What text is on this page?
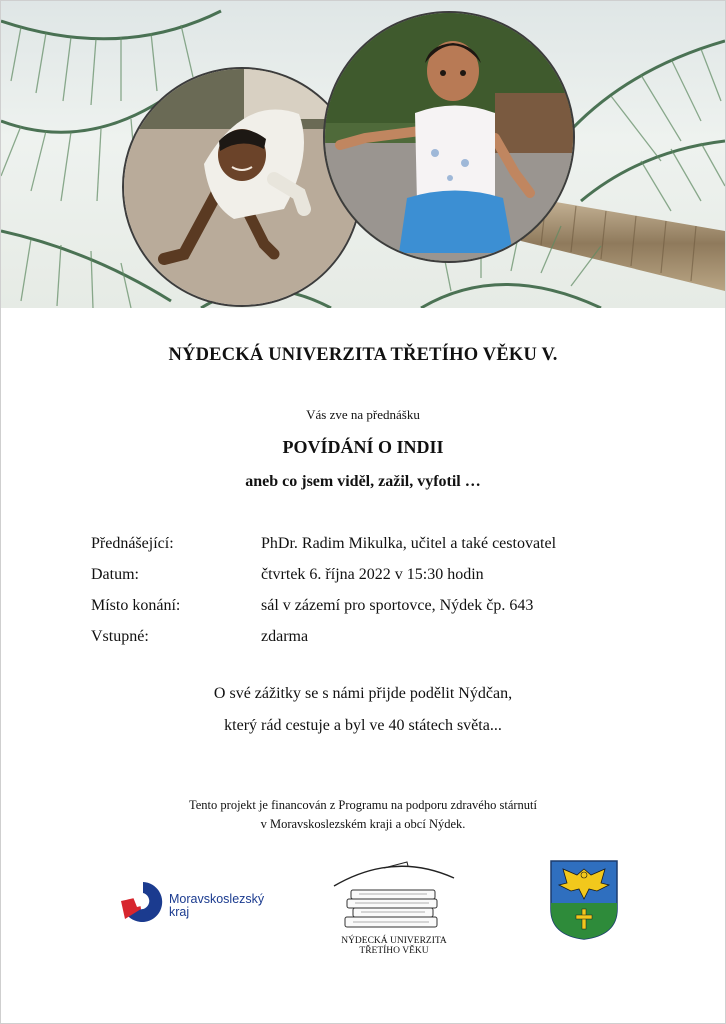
NÝDECKÁ UNIVERZITA TŘETÍHO VĚKU V.
Vás zve na přednášku
POVÍDÁNÍ O INDII
aneb co jsem viděl, zažil, vyfotil …
Přednášející:	PhDr. Radim Mikulka, učitel a také cestovatel
Datum:	čtvrtek 6. října 2022 v 15:30 hodin
Místo konání:	sál v zázemí pro sportovce, Nýdek čp. 643
Vstupné:	zdarma
O své zážitky se s námi přijde podělit Nýdčan,
který rád cestuje a byl ve 40 státech světa...
Tento projekt je financován z Programu na podporu zdravého stárnutí
v Moravskoslezském kraji a obcí Nýdek.
Moravskoslezský
kraj
NÝDECKÁ UNIVERZITA
TŘETÍHO VĚKU
